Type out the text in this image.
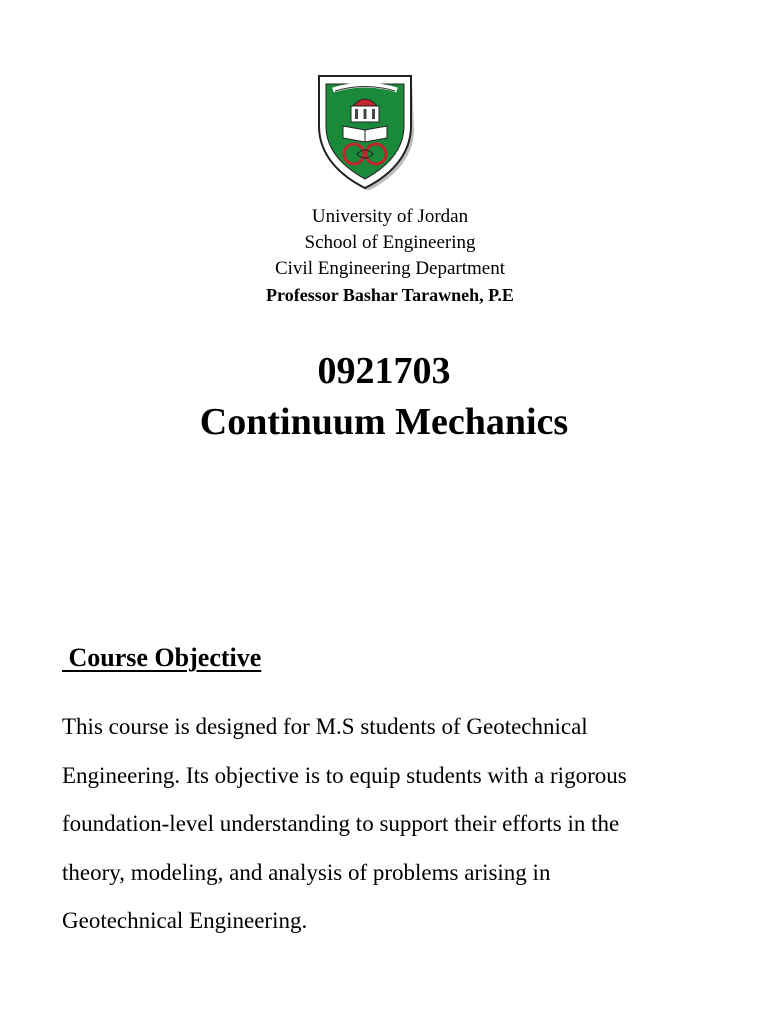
University of Jordan
School of Engineering
Civil Engineering Department
Professor Bashar Tarawneh, P.E
0921703
Continuum Mechanics
Course Objective
This course is designed for M.S students of Geotechnical
Engineering. Its objective is to equip students with a rigorous
foundation-level understanding to support their efforts in the
theory, modeling, and analysis of problems arising in
Geotechnical Engineering.
